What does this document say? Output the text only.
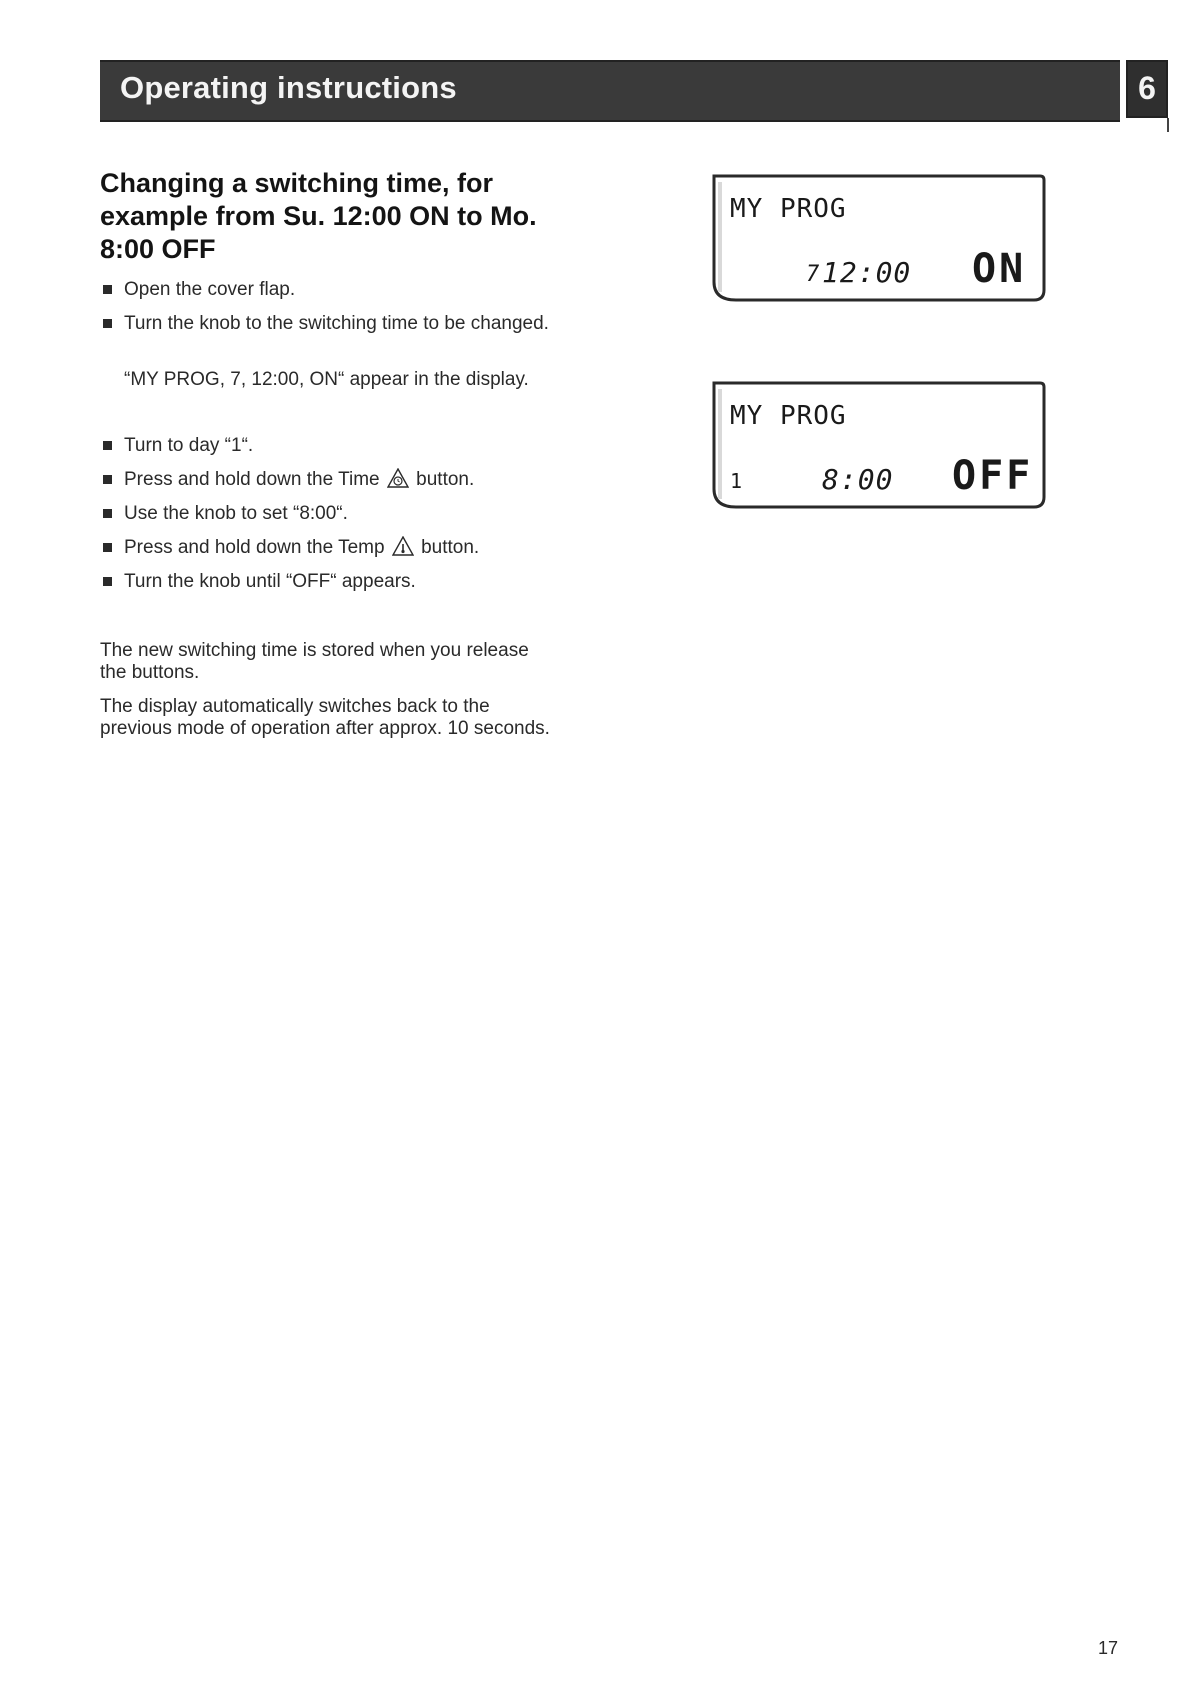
Operating instructions	6
Changing a switching time, for example from Su. 12:00 ON to Mo. 8:00 OFF
Open the cover flap.
Turn the knob to the switching time to be changed.
“MY PROG, 7, 12:00, ON“ appear in the display.
Turn to day “1“.
Press and hold down the Time button.
Use the knob to set “8:00“.
Press and hold down the Temp button.
Turn the knob until “OFF“ appears.
The new switching time is stored when you release the buttons.
The display automatically switches back to the previous mode of operation after approx. 10 seconds.
MY PROG
7 12:00 ON
MY PROG
1	8:00 OFF
17
